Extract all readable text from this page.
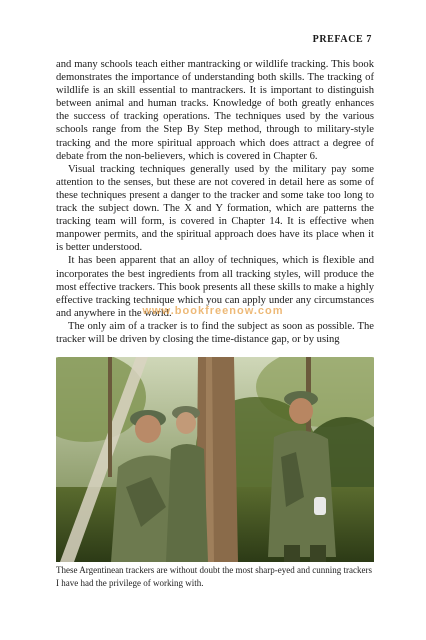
PREFACE 7

and many schools teach either mantracking or wildlife tracking. This book demonstrates the importance of understanding both skills. The tracking of wildlife is an skill essential to mantrackers. It is important to distinguish between animal and human tracks. Knowledge of both greatly enhances the success of tracking operations. The techniques used by the various schools range from the Step By Step method, through to military-style tracking and the more spiritual approach which does attract a degree of debate from the non-believers, which is covered in Chapter 6.

Visual tracking techniques generally used by the military pay some attention to the senses, but these are not covered in detail here as some of these techniques present a danger to the tracker and some take too long to track the subject down. The X and Y formation, which are patterns the tracking team will form, is covered in Chapter 14. It is effective when manpower permits, and the spiritual approach does have its place when it is better understood.

It has been apparent that an alloy of techniques, which is flexible and incorporates the best ingredients from all tracking styles, will produce the most effective trackers. This book presents all these skills to make a highly effective tracking technique which you can apply under any circumstances and anywhere in the world.

The only aim of a tracker is to find the subject as soon as possible. The tracker will be driven by closing the time-distance gap, or by using

www.bookfreenow.com
These Argentinean trackers are without doubt the most sharp-eyed and cunning trackers I have had the privilege of working with.
